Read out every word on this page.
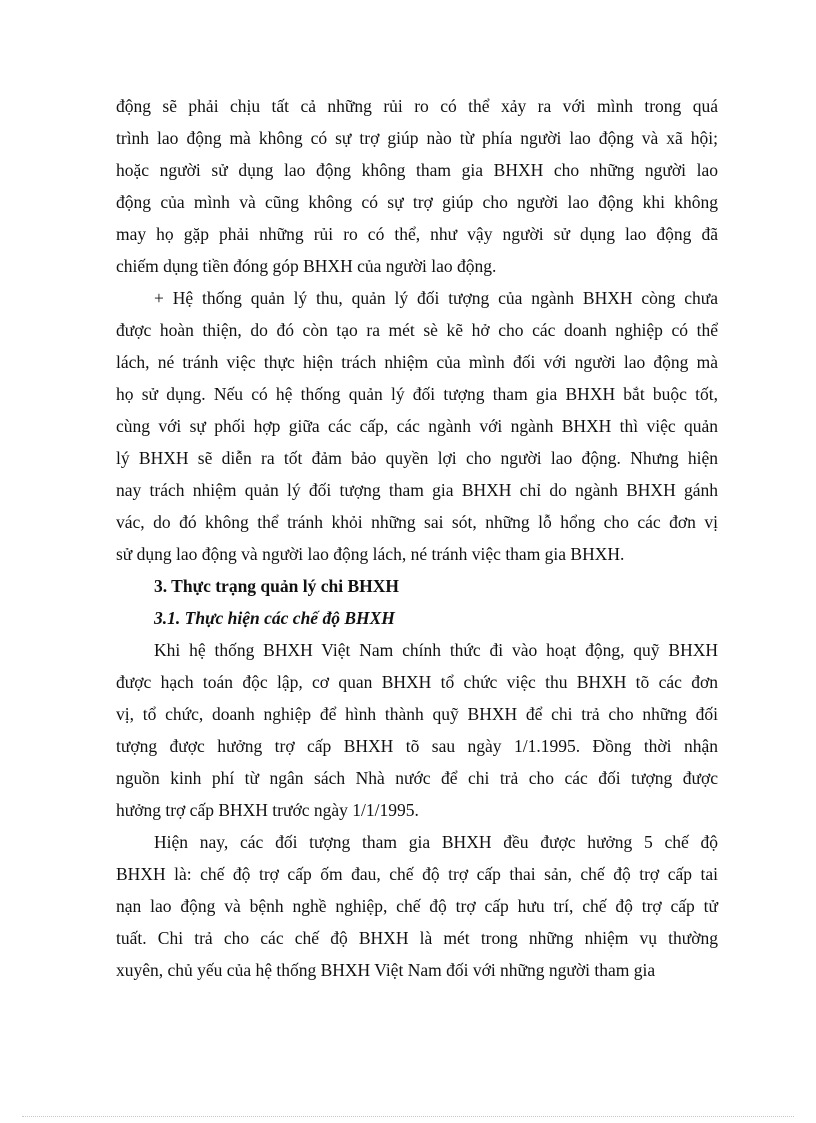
động sẽ phải chịu tất cả những rủi ro có thể xảy ra với mình trong quá
trình lao động mà không có sự trợ giúp nào từ phía người lao động và xã hội;
hoặc người sử dụng lao động không tham gia BHXH cho những người lao
động của mình và cũng không có sự trợ giúp cho người lao động khi không
may họ gặp phải những rủi ro có thể, như vậy người sử dụng lao động đã
chiếm dụng tiền đóng góp BHXH của người lao động.
+ Hệ thống quản lý thu, quản lý đối tượng của ngành BHXH còng chưa
được hoàn thiện, do đó còn tạo ra mét sè kẽ hở cho các doanh nghiệp có thể
lách, né tránh việc thực hiện trách nhiệm của mình đối với người lao động mà
họ sử dụng. Nếu có hệ thống quản lý đối tượng tham gia BHXH bắt buộc tốt,
cùng với sự phối hợp giữa các cấp, các ngành với ngành BHXH thì việc quản
lý BHXH sẽ diễn ra tốt đảm bảo quyền lợi cho người lao động. Nhưng hiện
nay trách nhiệm quản lý đối tượng tham gia BHXH chỉ do ngành BHXH gánh
vác, do đó không thể tránh khỏi những sai sót, những lỗ hổng cho các đơn vị
sử dụng lao động và người lao động lách, né tránh việc tham gia BHXH.
3. Thực trạng quản lý chi BHXH
3.1. Thực hiện các chế độ BHXH
Khi hệ thống BHXH Việt Nam chính thức đi vào hoạt động, quỹ BHXH
được hạch toán độc lập, cơ quan BHXH tổ chức việc thu BHXH tõ các đơn
vị, tổ chức, doanh nghiệp để hình thành quỹ BHXH để chi trả cho những đối
tượng được hưởng trợ cấp BHXH tõ sau ngày 1/1.1995. Đồng thời nhận
nguồn kinh phí từ ngân sách Nhà nước để chi trả cho các đối tượng được
hưởng trợ cấp BHXH trước ngày 1/1/1995.
Hiện nay, các đối tượng tham gia BHXH đều được hưởng 5 chế độ
BHXH là: chế độ trợ cấp ốm đau, chế độ trợ cấp thai sản, chế độ trợ cấp tai
nạn lao động và bệnh nghề nghiệp, chế độ trợ cấp hưu trí, chế độ trợ cấp tử
tuất. Chi trả cho các chế độ BHXH là mét trong những nhiệm vụ thường
xuyên, chủ yếu của hệ thống BHXH Việt Nam đối với những người tham gia
